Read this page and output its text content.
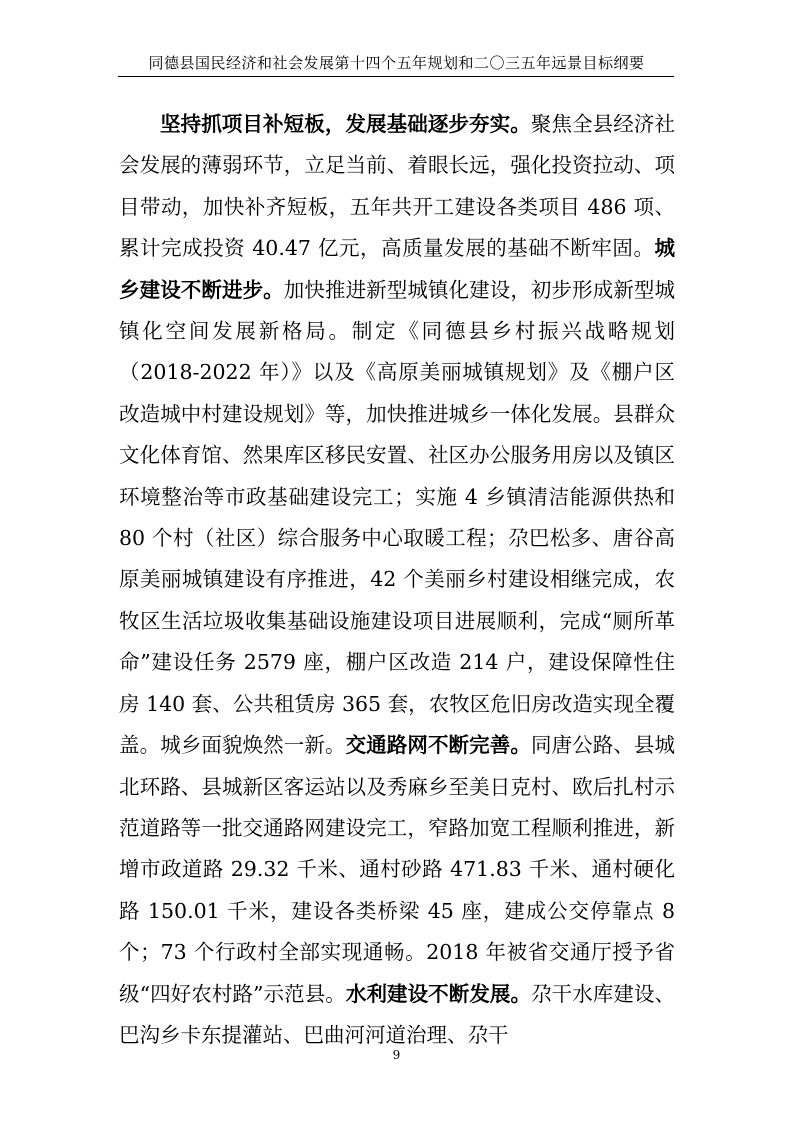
同德县国民经济和社会发展第十四个五年规划和二〇三五年远景目标纲要

坚持抓项目补短板，发展基础逐步夯实。聚焦全县经济社会发展的薄弱环节，立足当前、着眼长远，强化投资拉动、项目带动，加快补齐短板，五年共开工建设各类项目 486 项、累计完成投资 40.47 亿元，高质量发展的基础不断牢固。城乡建设不断进步。加快推进新型城镇化建设，初步形成新型城镇化空间发展新格局。制定《同德县乡村振兴战略规划（2018-2022 年）》以及《高原美丽城镇规划》及《棚户区改造城中村建设规划》等，加快推进城乡一体化发展。县群众文化体育馆、然果库区移民安置、社区办公服务用房以及镇区环境整治等市政基础建设完工；实施 4 乡镇清洁能源供热和 80 个村（社区）综合服务中心取暖工程；尕巴松多、唐谷高原美丽城镇建设有序推进，42 个美丽乡村建设相继完成，农牧区生活垃圾收集基础设施建设项目进展顺利，完成“厕所革命”建设任务 2579 座，棚户区改造 214 户，建设保障性住房 140 套、公共租赁房 365 套，农牧区危旧房改造实现全覆盖。城乡面貌焕然一新。交通路网不断完善。同唐公路、县城北环路、县城新区客运站以及秀麻乡至美日克村、欧后扎村示范道路等一批交通路网建设完工，窄路加宽工程顺利推进，新增市政道路 29.32 千米、通村砂路 471.83 千米、通村硬化路 150.01 千米，建设各类桥梁 45 座，建成公交停靠点 8 个；73 个行政村全部实现通畅。2018 年被省交通厅授予省级“四好农村路”示范县。水利建设不断发展。尕干水库建设、巴沟乡卡东提灌站、巴曲河河道治理、尕干

9
